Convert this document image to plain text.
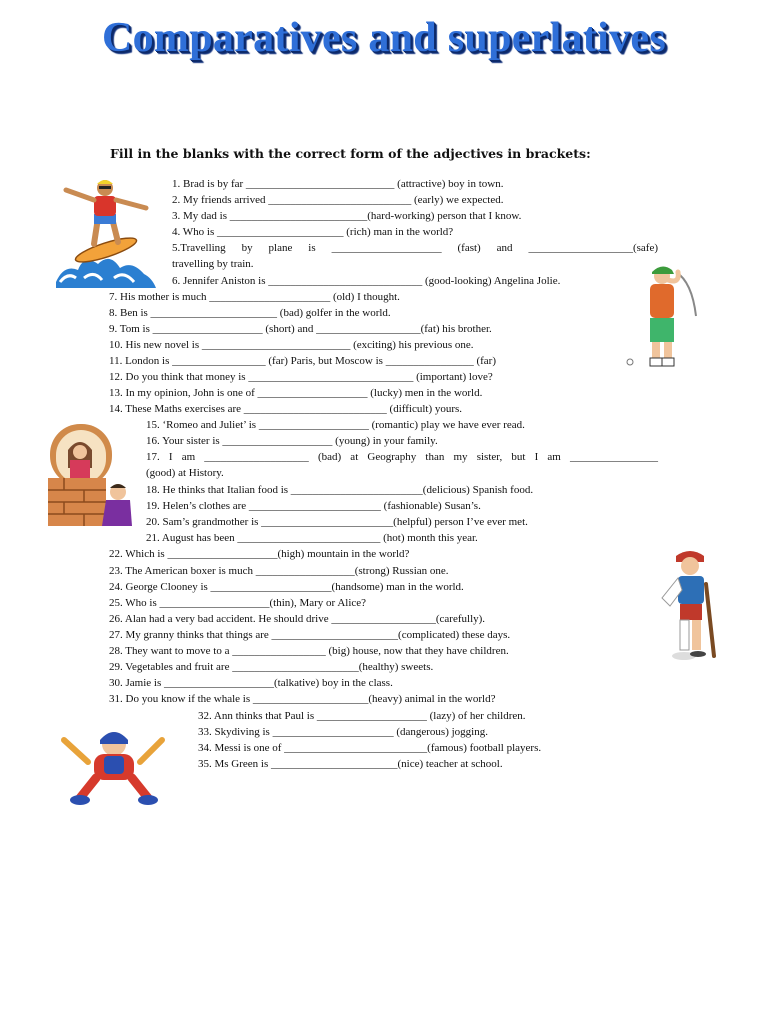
Comparatives and superlatives
Fill in the blanks with the correct form of the adjectives in brackets:
1. Brad is by far ___________________________ (attractive) boy in town.
2. My friends arrived __________________________ (early) we expected.
3. My dad is _________________________(hard-working) person that I know.
4. Who is _______________________ (rich) man in the world?
5.Travelling by plane is ____________________ (fast) and ___________________(safe)
travelling by train.
6. Jennifer Aniston is ____________________________ (good-looking) Angelina Jolie.
7. His mother is much ______________________ (old) I thought.
8. Ben is _______________________ (bad) golfer in the world.
9. Tom is ____________________ (short) and ___________________(fat) his brother.
10. His new novel is ___________________________ (exciting) his previous one.
11. London is _________________ (far) Paris, but Moscow is ________________ (far)
12. Do you think that money is ______________________________ (important) love?
13. In my opinion, John is one of ____________________ (lucky) men in the world.
14. These Maths exercises are __________________________ (difficult) yours.
15. ‘Romeo and Juliet’ is ____________________ (romantic) play we have ever read.
16. Your sister is ____________________ (young) in your family.
17. I am ___________________ (bad) at Geography than my sister, but I am ________________
(good) at History.
18. He thinks that Italian food is ________________________(delicious) Spanish food.
19. Helen’s clothes are ________________________ (fashionable) Susan’s.
20. Sam’s grandmother is ________________________(helpful) person I’ve ever met.
21. August has been __________________________ (hot) month this year.
22. Which is ____________________(high) mountain in the world?
23. The American boxer is much __________________(strong) Russian one.
24. George Clooney is ______________________(handsome) man in the world.
25. Who is ____________________(thin), Mary or Alice?
26. Alan had a very bad accident. He should drive ___________________(carefully).
27. My granny thinks that things are _______________________(complicated) these days.
28. They want to move to a _________________ (big) house, now that they have children.
29. Vegetables and fruit are _______________________(healthy) sweets.
30. Jamie is ____________________(talkative) boy in the class.
31. Do you know if the whale is _____________________(heavy) animal in the world?
32. Ann thinks that Paul is ____________________ (lazy) of her children.
33. Skydiving is ______________________ (dangerous) jogging.
34. Messi is one of __________________________(famous) football players.
35. Ms Green is _______________________(nice) teacher at school.
